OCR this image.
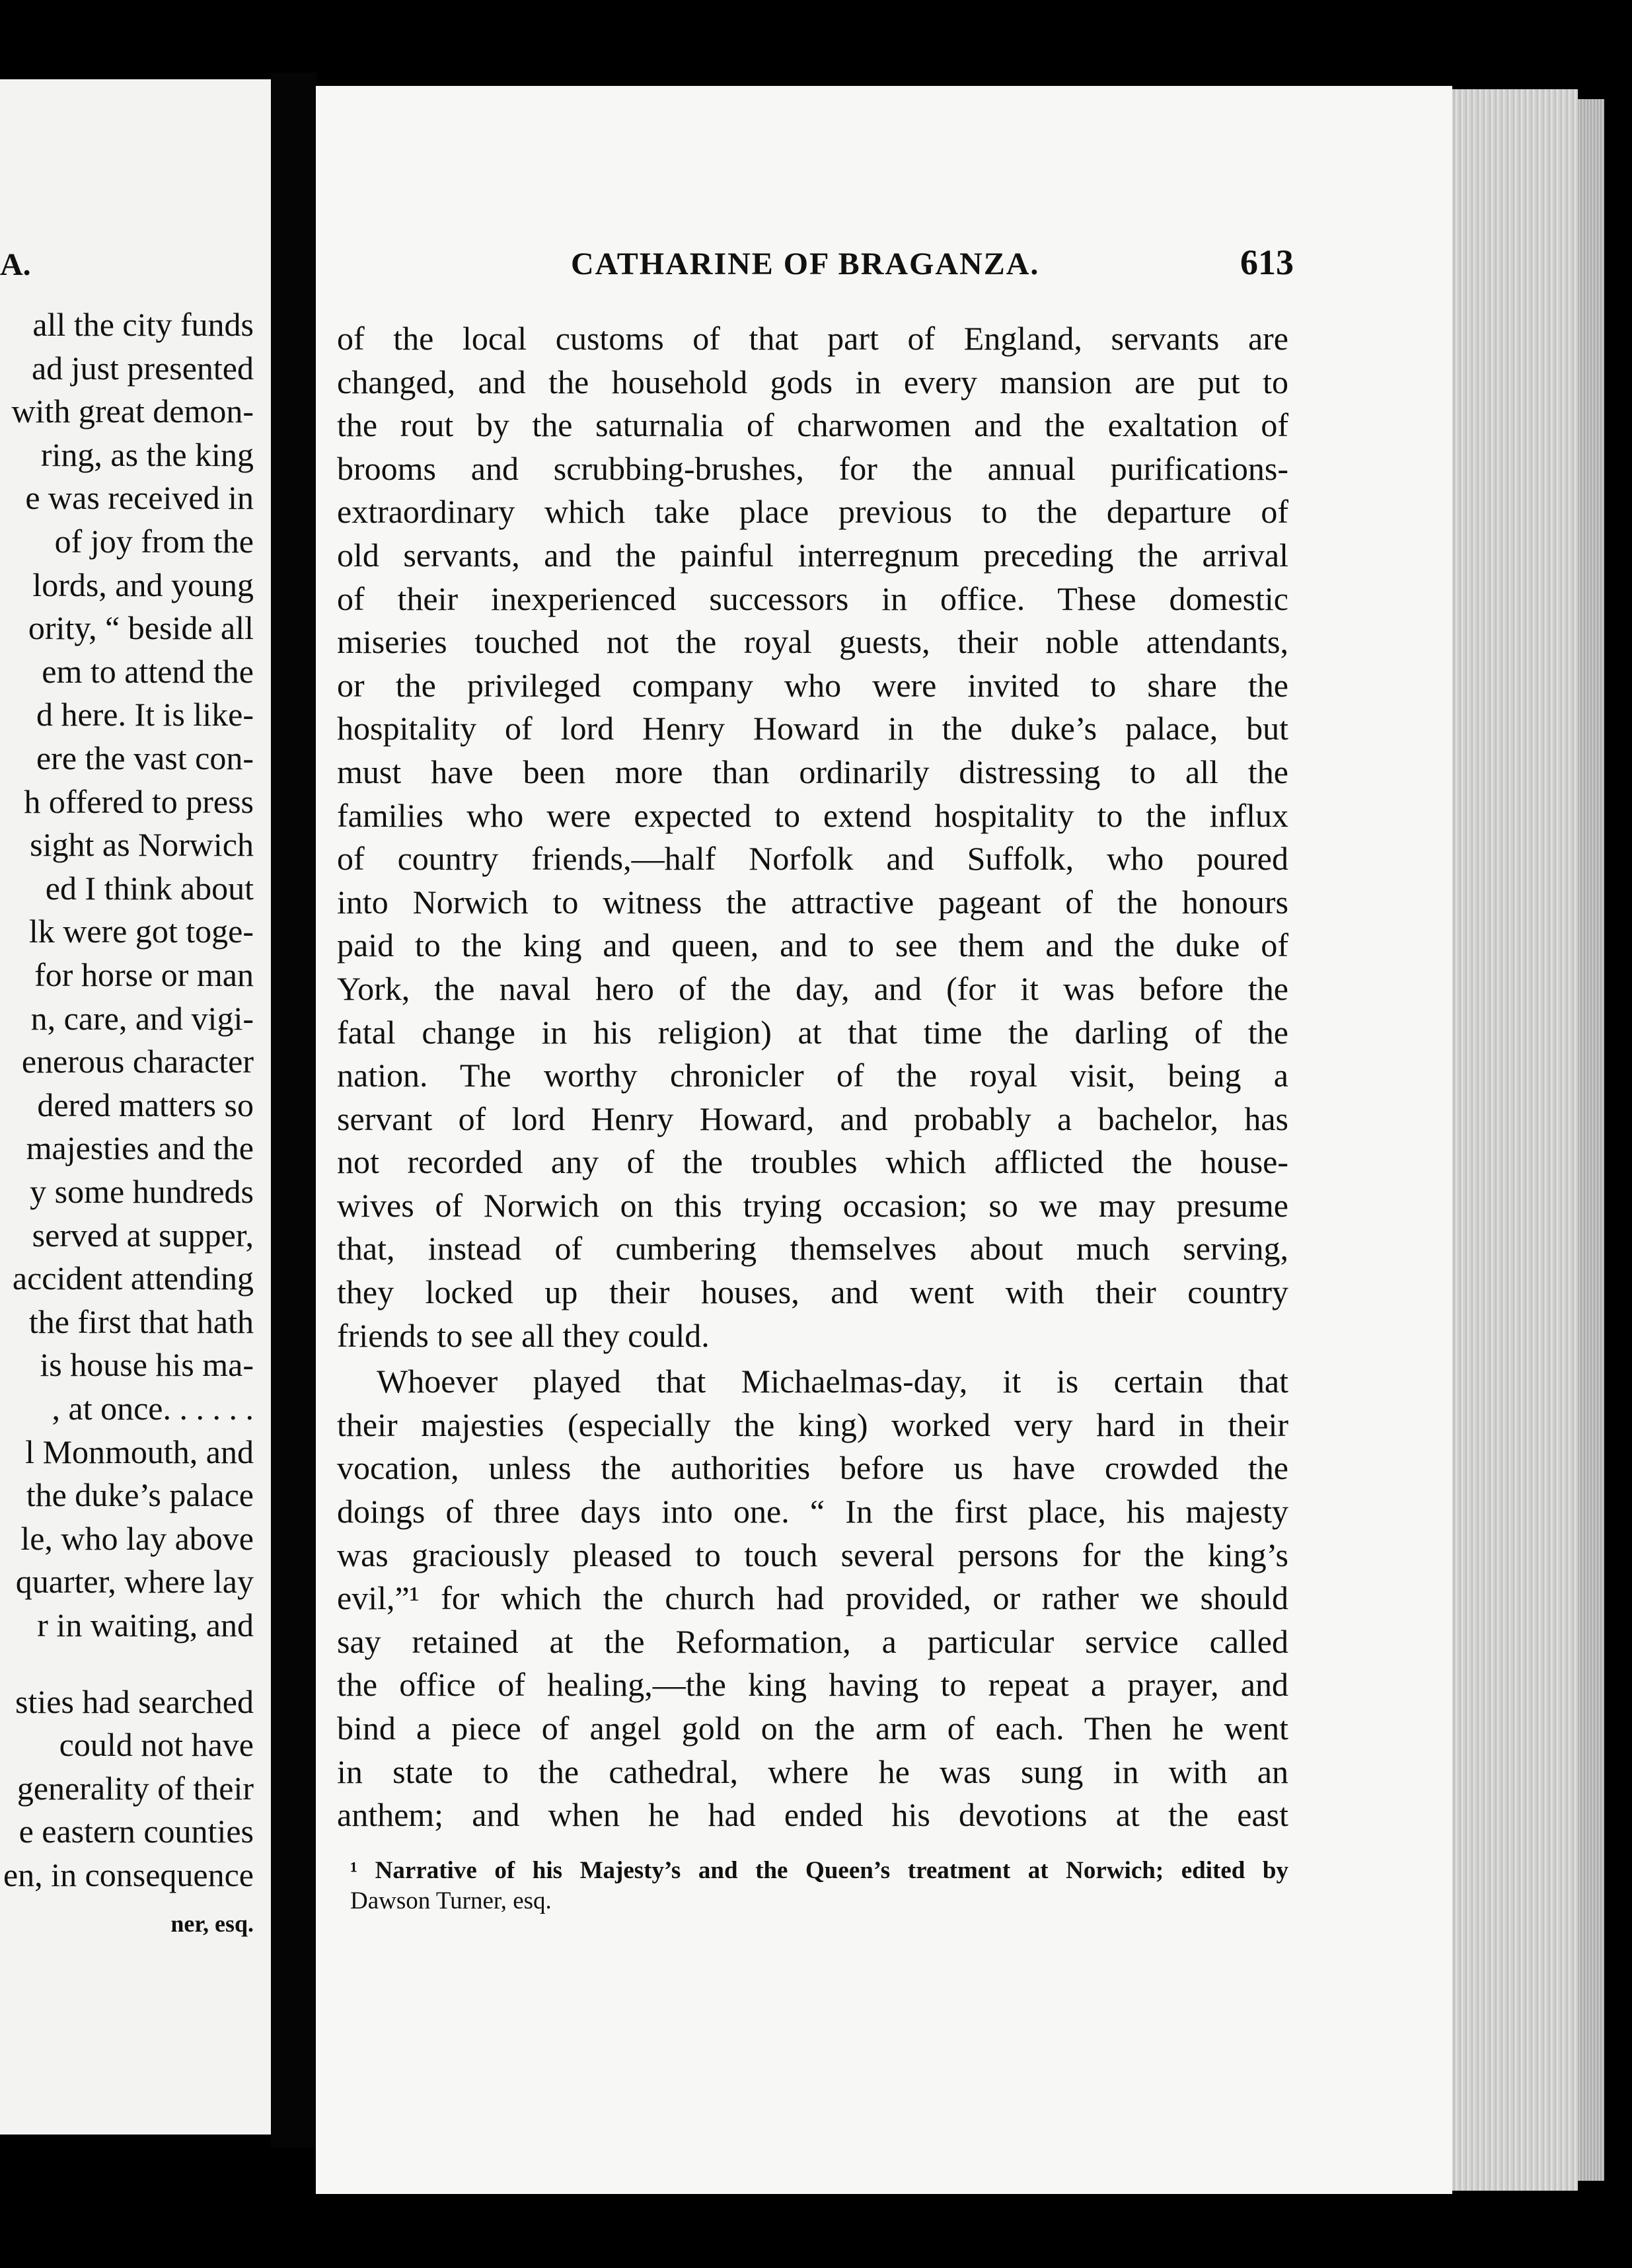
A.
all the city funds
ad just presented
with great demon-
ring, as the king
e was received in
of joy from the
lords, and young
ority, “ beside all
em to attend the
d here. It is like-
ere the vast con-
h offered to press
sight as Norwich
ed I think about
lk were got toge-
for horse or man
n, care, and vigi-
enerous character
dered matters so
majesties and the
y some hundreds
served at supper,
accident attending
the first that hath
is house his ma-
, at once. . . . . .
l Monmouth, and
the duke’s palace
le, who lay above
quarter, where lay
r in waiting, and
sties had searched
could not have
generality of their
e eastern counties
en, in consequence
ner, esq.
CATHARINE OF BRAGANZA.	613
of the local customs of that part of England, servants are
changed, and the household gods in every mansion are put to
the rout by the saturnalia of charwomen and the exaltation of
brooms and scrubbing-brushes, for the annual purifications-
extraordinary which take place previous to the departure of
old servants, and the painful interregnum preceding the arrival
of their inexperienced successors in office. These domestic
miseries touched not the royal guests, their noble attendants,
or the privileged company who were invited to share the
hospitality of lord Henry Howard in the duke’s palace, but
must have been more than ordinarily distressing to all the
families who were expected to extend hospitality to the influx
of country friends,—half Norfolk and Suffolk, who poured
into Norwich to witness the attractive pageant of the honours
paid to the king and queen, and to see them and the duke of
York, the naval hero of the day, and (for it was before the
fatal change in his religion) at that time the darling of the
nation. The worthy chronicler of the royal visit, being a
servant of lord Henry Howard, and probably a bachelor, has
not recorded any of the troubles which afflicted the house-
wives of Norwich on this trying occasion; so we may presume
that, instead of cumbering themselves about much serving,
they locked up their houses, and went with their country
friends to see all they could.
Whoever played that Michaelmas-day, it is certain that
their majesties (especially the king) worked very hard in their
vocation, unless the authorities before us have crowded the
doings of three days into one. “ In the first place, his majesty
was graciously pleased to touch several persons for the king’s
evil,”¹ for which the church had provided, or rather we should
say retained at the Reformation, a particular service called
the office of healing,—the king having to repeat a prayer, and
bind a piece of angel gold on the arm of each. Then he went
in state to the cathedral, where he was sung in with an
anthem; and when he had ended his devotions at the east
¹ Narrative of his Majesty’s and the Queen’s treatment at Norwich; edited by
Dawson Turner, esq.
